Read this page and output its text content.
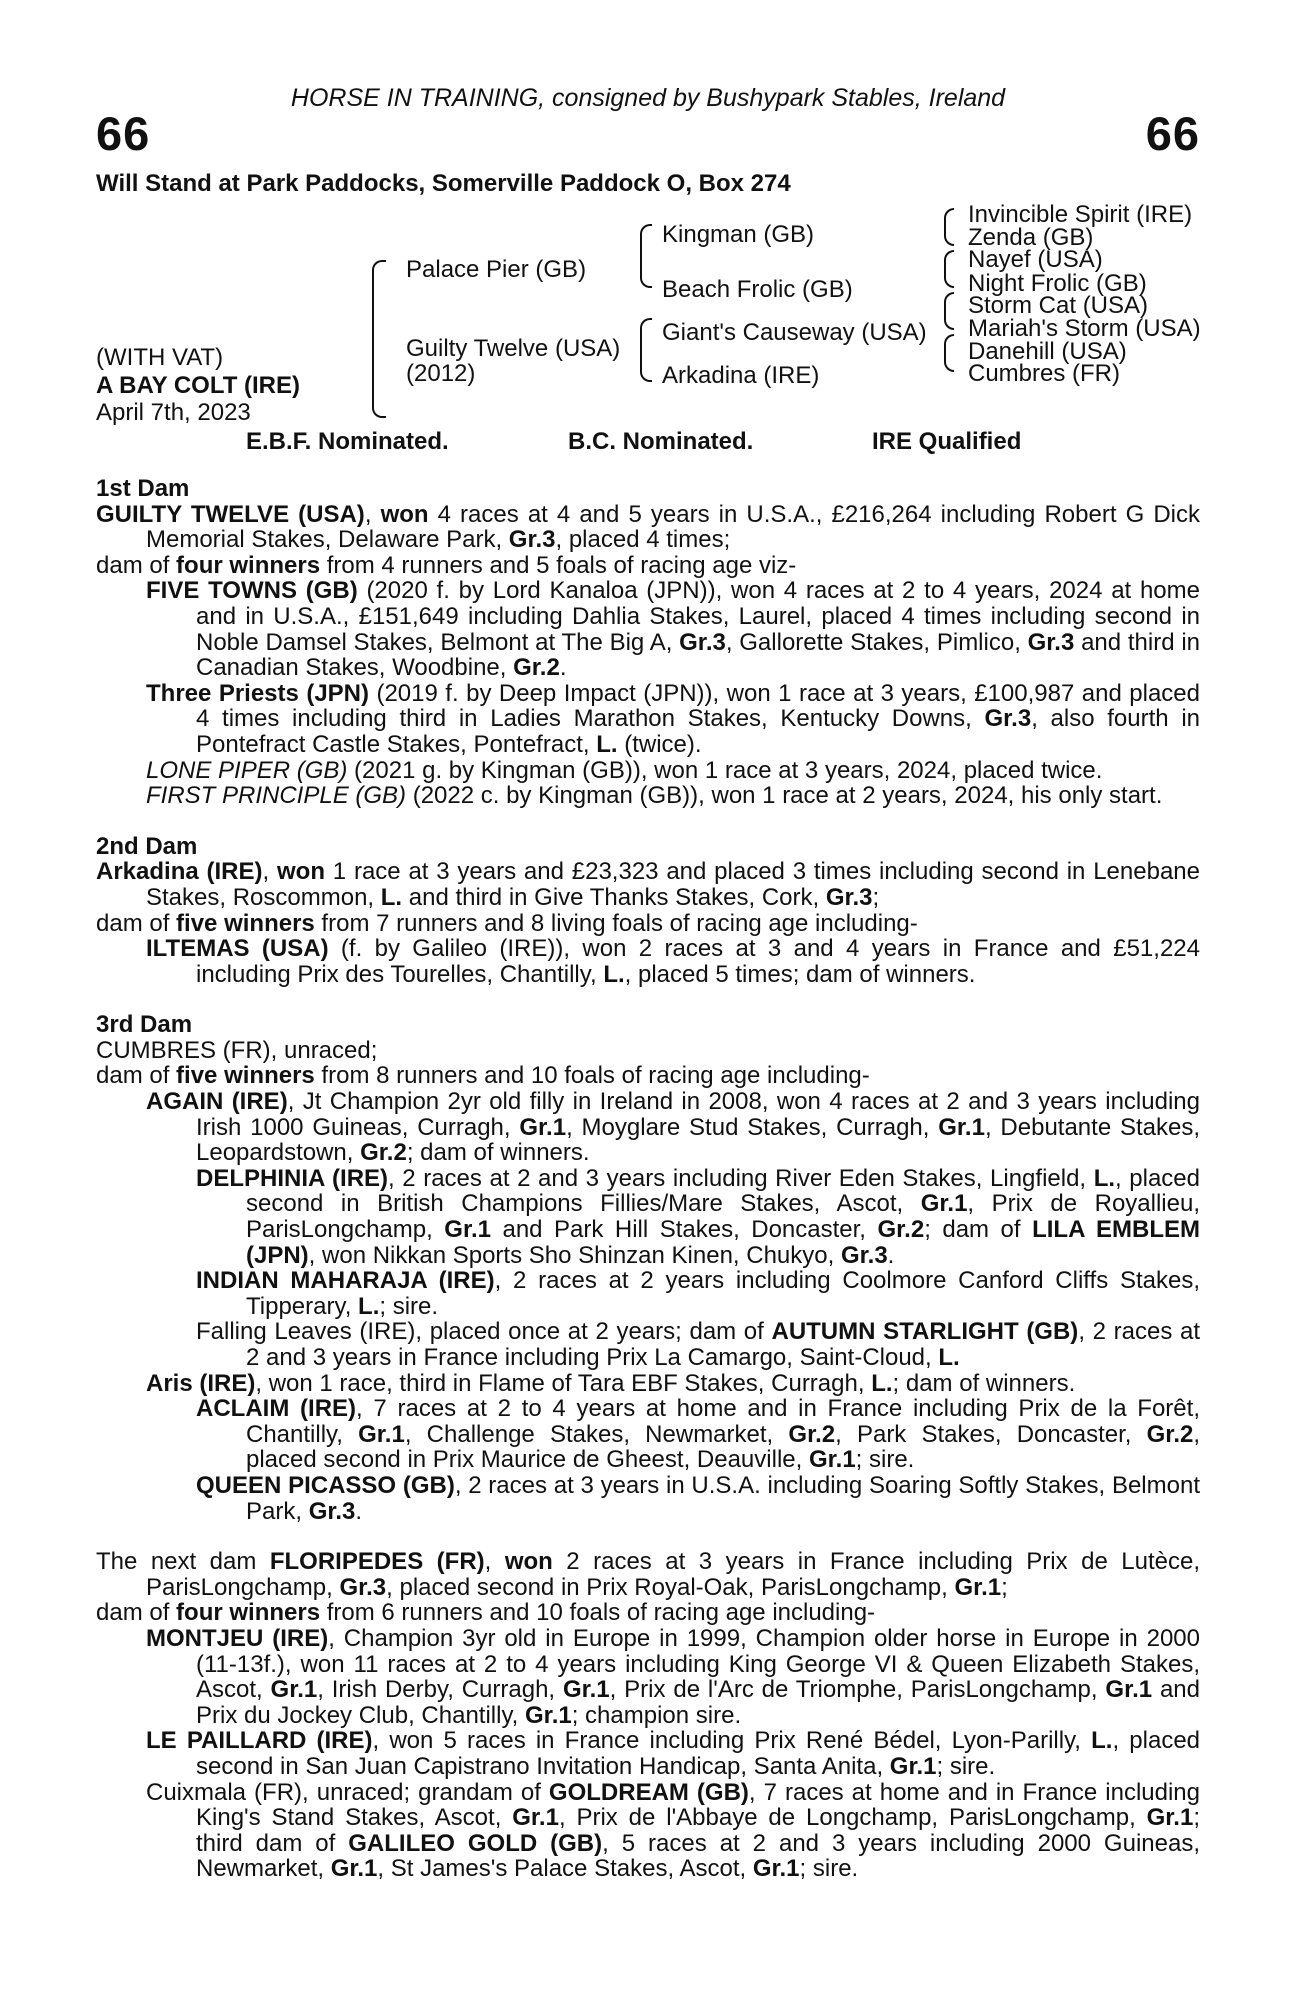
HORSE IN TRAINING, consigned by Bushypark Stables, Ireland
66	66
Will Stand at Park Paddocks, Somerville Paddock O, Box 274
(WITH VAT)
A BAY COLT (IRE)
April 7th, 2023
Palace Pier (GB)
Guilty Twelve (USA)
(2012)
Kingman (GB)
Beach Frolic (GB)
Giant's Causeway (USA)
Arkadina (IRE)
Invincible Spirit (IRE)
Zenda (GB)
Nayef (USA)
Night Frolic (GB)
Storm Cat (USA)
Mariah's Storm (USA)
Danehill (USA)
Cumbres (FR)
E.B.F. Nominated.	B.C. Nominated.	IRE Qualified
1st Dam
GUILTY TWELVE (USA), won 4 races at 4 and 5 years in U.S.A., £216,264 including Robert G Dick Memorial Stakes, Delaware Park, Gr.3, placed 4 times;
dam of four winners from 4 runners and 5 foals of racing age viz-
FIVE TOWNS (GB) (2020 f. by Lord Kanaloa (JPN)), won 4 races at 2 to 4 years, 2024 at home and in U.S.A., £151,649 including Dahlia Stakes, Laurel, placed 4 times including second in Noble Damsel Stakes, Belmont at The Big A, Gr.3, Gallorette Stakes, Pimlico, Gr.3 and third in Canadian Stakes, Woodbine, Gr.2.
Three Priests (JPN) (2019 f. by Deep Impact (JPN)), won 1 race at 3 years, £100,987 and placed 4 times including third in Ladies Marathon Stakes, Kentucky Downs, Gr.3, also fourth in Pontefract Castle Stakes, Pontefract, L. (twice).
LONE PIPER (GB) (2021 g. by Kingman (GB)), won 1 race at 3 years, 2024, placed twice.
FIRST PRINCIPLE (GB) (2022 c. by Kingman (GB)), won 1 race at 2 years, 2024, his only start.
2nd Dam
Arkadina (IRE), won 1 race at 3 years and £23,323 and placed 3 times including second in Lenebane Stakes, Roscommon, L. and third in Give Thanks Stakes, Cork, Gr.3;
dam of five winners from 7 runners and 8 living foals of racing age including-
ILTEMAS (USA) (f. by Galileo (IRE)), won 2 races at 3 and 4 years in France and £51,224 including Prix des Tourelles, Chantilly, L., placed 5 times; dam of winners.
3rd Dam
CUMBRES (FR), unraced;
dam of five winners from 8 runners and 10 foals of racing age including-
AGAIN (IRE), Jt Champion 2yr old filly in Ireland in 2008, won 4 races at 2 and 3 years including Irish 1000 Guineas, Curragh, Gr.1, Moyglare Stud Stakes, Curragh, Gr.1, Debutante Stakes, Leopardstown, Gr.2; dam of winners.
DELPHINIA (IRE), 2 races at 2 and 3 years including River Eden Stakes, Lingfield, L., placed second in British Champions Fillies/Mare Stakes, Ascot, Gr.1, Prix de Royallieu, ParisLongchamp, Gr.1 and Park Hill Stakes, Doncaster, Gr.2; dam of LILA EMBLEM (JPN), won Nikkan Sports Sho Shinzan Kinen, Chukyo, Gr.3.
INDIAN MAHARAJA (IRE), 2 races at 2 years including Coolmore Canford Cliffs Stakes, Tipperary, L.; sire.
Falling Leaves (IRE), placed once at 2 years; dam of AUTUMN STARLIGHT (GB), 2 races at 2 and 3 years in France including Prix La Camargo, Saint-Cloud, L.
Aris (IRE), won 1 race, third in Flame of Tara EBF Stakes, Curragh, L.; dam of winners.
ACLAIM (IRE), 7 races at 2 to 4 years at home and in France including Prix de la Forêt, Chantilly, Gr.1, Challenge Stakes, Newmarket, Gr.2, Park Stakes, Doncaster, Gr.2, placed second in Prix Maurice de Gheest, Deauville, Gr.1; sire.
QUEEN PICASSO (GB), 2 races at 3 years in U.S.A. including Soaring Softly Stakes, Belmont Park, Gr.3.
The next dam FLORIPEDES (FR), won 2 races at 3 years in France including Prix de Lutèce, ParisLongchamp, Gr.3, placed second in Prix Royal-Oak, ParisLongchamp, Gr.1;
dam of four winners from 6 runners and 10 foals of racing age including-
MONTJEU (IRE), Champion 3yr old in Europe in 1999, Champion older horse in Europe in 2000 (11-13f.), won 11 races at 2 to 4 years including King George VI & Queen Elizabeth Stakes, Ascot, Gr.1, Irish Derby, Curragh, Gr.1, Prix de l'Arc de Triomphe, ParisLongchamp, Gr.1 and Prix du Jockey Club, Chantilly, Gr.1; champion sire.
LE PAILLARD (IRE), won 5 races in France including Prix René Bédel, Lyon-Parilly, L., placed second in San Juan Capistrano Invitation Handicap, Santa Anita, Gr.1; sire.
Cuixmala (FR), unraced; grandam of GOLDREAM (GB), 7 races at home and in France including King's Stand Stakes, Ascot, Gr.1, Prix de l'Abbaye de Longchamp, ParisLongchamp, Gr.1; third dam of GALILEO GOLD (GB), 5 races at 2 and 3 years including 2000 Guineas, Newmarket, Gr.1, St James's Palace Stakes, Ascot, Gr.1; sire.
